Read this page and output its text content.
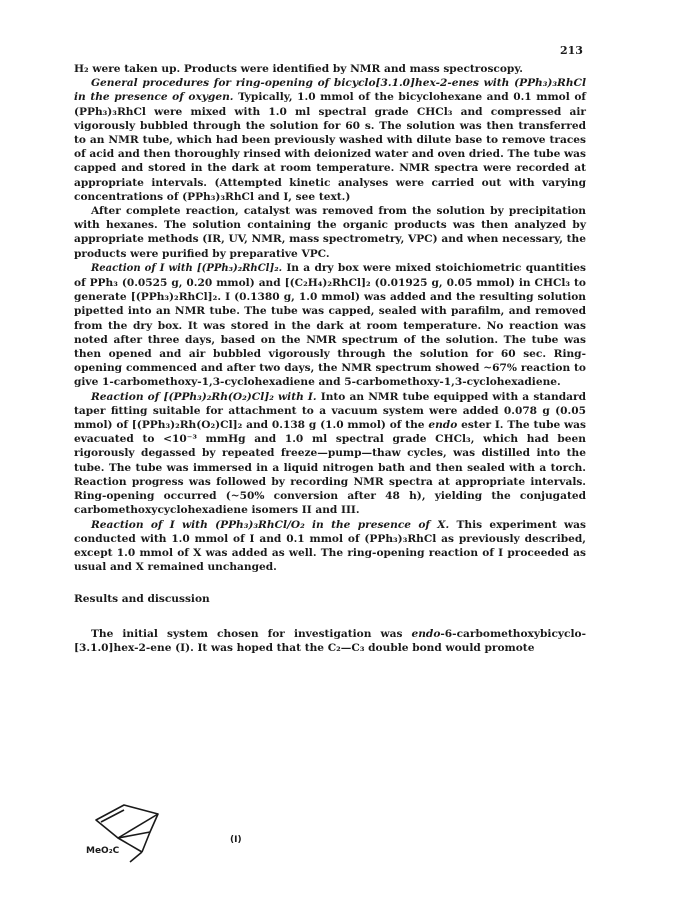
213

H₂ were taken up. Products were identified by NMR and mass spectroscopy.

General procedures for ring-opening of bicyclo[3.1.0]hex-2-enes with (PPh₃)₃RhCl in the presence of oxygen. Typically, 1.0 mmol of the bicyclohexane and 0.1 mmol of (PPh₃)₃RhCl were mixed with 1.0 ml spectral grade CHCl₃ and compressed air vigorously bubbled through the solution for 60 s. The solution was then transferred to an NMR tube, which had been previously washed with dilute base to remove traces of acid and then thoroughly rinsed with deionized water and oven dried. The tube was capped and stored in the dark at room temperature. NMR spectra were recorded at appropriate intervals. (Attempted kinetic analyses were carried out with varying concentrations of (PPh₃)₃RhCl and I, see text.)

After complete reaction, catalyst was removed from the solution by precipitation with hexanes. The solution containing the organic products was then analyzed by appropriate methods (IR, UV, NMR, mass spectrometry, VPC) and when necessary, the products were purified by preparative VPC.

Reaction of I with [(PPh₃)₂RhCl]₂. In a dry box were mixed stoichiometric quantities of PPh₃ (0.0525 g, 0.20 mmol) and [(C₂H₄)₂RhCl]₂ (0.01925 g, 0.05 mmol) in CHCl₃ to generate [(PPh₃)₂RhCl]₂. I (0.1380 g, 1.0 mmol) was added and the resulting solution pipetted into an NMR tube. The tube was capped, sealed with parafilm, and removed from the dry box. It was stored in the dark at room temperature. No reaction was noted after three days, based on the NMR spectrum of the solution. The tube was then opened and air bubbled vigorously through the solution for 60 sec. Ring-opening commenced and after two days, the NMR spectrum showed ~67% reaction to give 1-carbomethoxy-1,3-cyclohexadiene and 5-carbomethoxy-1,3-cyclohexadiene.

Reaction of [(PPh₃)₂Rh(O₂)Cl]₂ with I. Into an NMR tube equipped with a standard taper fitting suitable for attachment to a vacuum system were added 0.078 g (0.05 mmol) of [(PPh₃)₂Rh(O₂)Cl]₂ and 0.138 g (1.0 mmol) of the endo ester I. The tube was evacuated to <10⁻³ mmHg and 1.0 ml spectral grade CHCl₃, which had been rigorously degassed by repeated freeze—pump—thaw cycles, was distilled into the tube. The tube was immersed in a liquid nitrogen bath and then sealed with a torch. Reaction progress was followed by recording NMR spectra at appropriate intervals. Ring-opening occurred (~50% conversion after 48 h), yielding the conjugated carbomethoxycyclohexadiene isomers II and III.

Reaction of I with (PPh₃)₃RhCl/O₂ in the presence of X. This experiment was conducted with 1.0 mmol of I and 0.1 mmol of (PPh₃)₃RhCl as previously described, except 1.0 mmol of X was added as well. The ring-opening reaction of I proceeded as usual and X remained unchanged.

Results and discussion

The initial system chosen for investigation was endo-6-carbomethoxybicyclo-[3.1.0]hex-2-ene (I). It was hoped that the C₂—C₃ double bond would promote

MeO₂C
(I)
